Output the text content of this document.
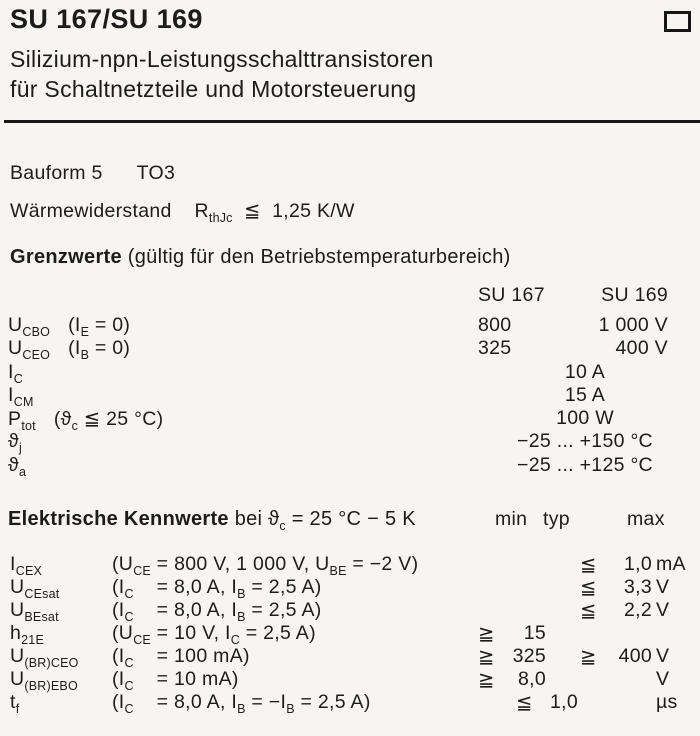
SU 167/SU 169
Silizium-npn-Leistungsschalttransistoren
für Schaltnetzteile und Motorsteuerung
Bauform 5      TO3
Wärmewiderstand    $R_{thJc}$  ≦  1,25 K/W
Grenzwerte (gültig für den Betriebstemperaturbereich)
SU 167	SU 169
$U_{CBO}$ $(I_E = 0)$	800	1 000 V
$U_{CEO}$ $(I_B = 0)$	325	400 V
$I_C$	10 A
$I_{CM}$	15 A
$P_{tot}$ ($ϑ_c$ ≦ 25 °C)	100 W
$ϑ_j$	−25 ... +150 °C
$ϑ_a$	−25 ... +125 °C
Elektrische Kennwerte bei $ϑ_c = 25$ °C − 5 K	min typ	max
$I_{CEX}$	($U_{CE} = 800$ V, 1 000 V, $U_{BE} = -2$ V)	≦ 1,0 mA
$U_{CEsat}$	($I_C$    = 8,0 A, $I_B = 2,5$ A)	≦ 3,3 V
$U_{BEsat}$	($I_C$    = 8,0 A, $I_B = 2,5$ A)	≦ 2,2 V
$h_{21E}$	($U_{CE} = 10$ V, $I_C = 2,5$ A)	≧ 15
$U_{(BR)CEO}$	($I_C$    = 100 mA)	≧ 325 ≧ 400 V
$U_{(BR)EBO}$	($I_C$    = 10 mA)	≧ 8,0	V
$t_f$	($I_C$    = 8,0 A, $I_B = -I_B = 2,5$ A)	≦ 1,0	µs
